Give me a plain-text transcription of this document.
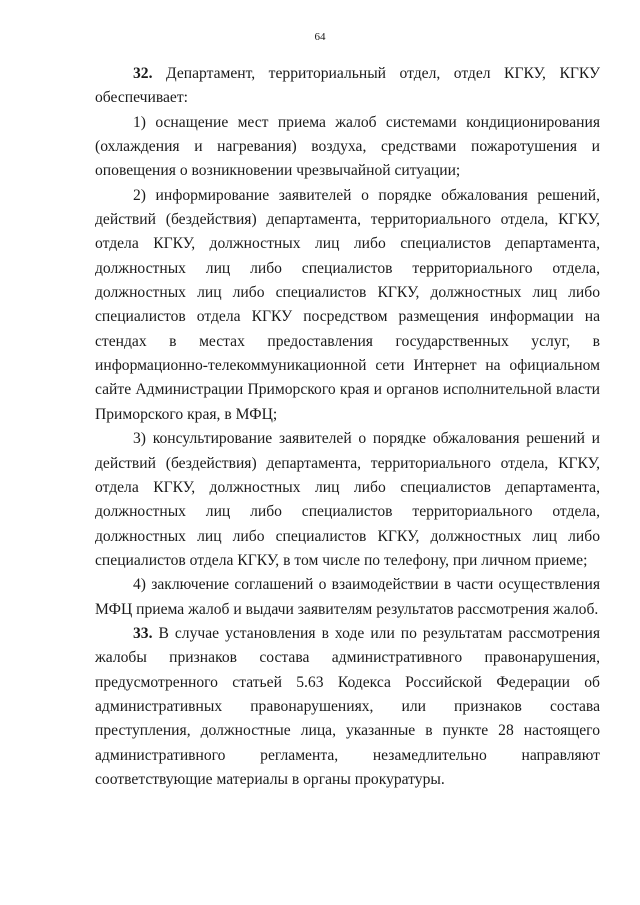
64

32. Департамент, территориальный отдел, отдел КГКУ, КГКУ обеспечивает:

1) оснащение мест приема жалоб системами кондиционирования (охлаждения и нагревания) воздуха, средствами пожаротушения и оповещения о возникновении чрезвычайной ситуации;

2) информирование заявителей о порядке обжалования решений, действий (бездействия) департамента, территориального отдела, КГКУ, отдела КГКУ, должностных лиц либо специалистов департамента, должностных лиц либо специалистов территориального отдела, должностных лиц либо специалистов КГКУ, должностных лиц либо специалистов отдела КГКУ посредством размещения информации на стендах в местах предоставления государственных услуг, в информационно-телекоммуникационной сети Интернет на официальном сайте Администрации Приморского края и органов исполнительной власти Приморского края, в МФЦ;

3) консультирование заявителей о порядке обжалования решений и действий (бездействия) департамента, территориального отдела, КГКУ, отдела КГКУ, должностных лиц либо специалистов департамента, должностных лиц либо специалистов территориального отдела, должностных лиц либо специалистов КГКУ, должностных лиц либо специалистов отдела КГКУ, в том числе по телефону, при личном приеме;

4) заключение соглашений о взаимодействии в части осуществления МФЦ приема жалоб и выдачи заявителям результатов рассмотрения жалоб.

33. В случае установления в ходе или по результатам рассмотрения жалобы признаков состава административного правонарушения, предусмотренного статьей 5.63 Кодекса Российской Федерации об административных правонарушениях, или признаков состава преступления, должностные лица, указанные в пункте 28 настоящего административного регламента, незамедлительно направляют соответствующие материалы в органы прокуратуры.
